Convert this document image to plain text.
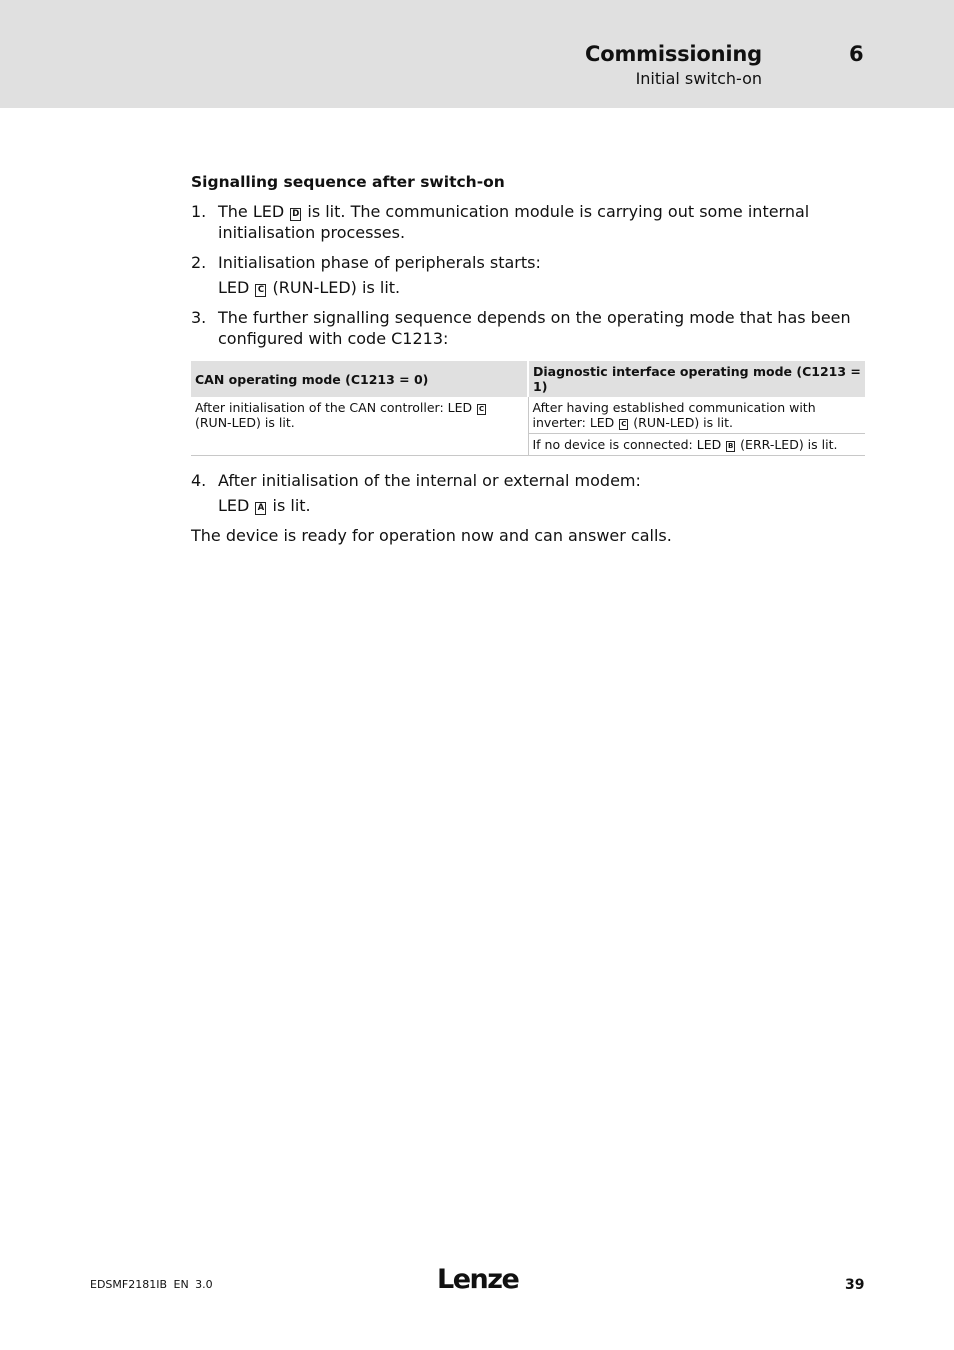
Commissioning	6
Initial switch-on
Signalling sequence after switch-on
1. The LED D is lit. The communication module is carrying out some internal initialisation processes.

2. Initialisation phase of peripherals starts:

LED C (RUN-LED) is lit.

3. The further signalling sequence depends on the operating mode that has been configured with code C1213:

CAN operating mode (C1213 = 0)	Diagnostic interface operating mode (C1213 = 1)
After initialisation of the CAN controller: LED C (RUN-LED) is lit.	After having established communication with inverter: LED C (RUN-LED) is lit.
	If no device is connected: LED B (ERR-LED) is lit.
4. After initialisation of the internal or external modem:

LED A is lit.

The device is ready for operation now and can answer calls.

EDSMF2181IB EN 3.0	Lenze	39
